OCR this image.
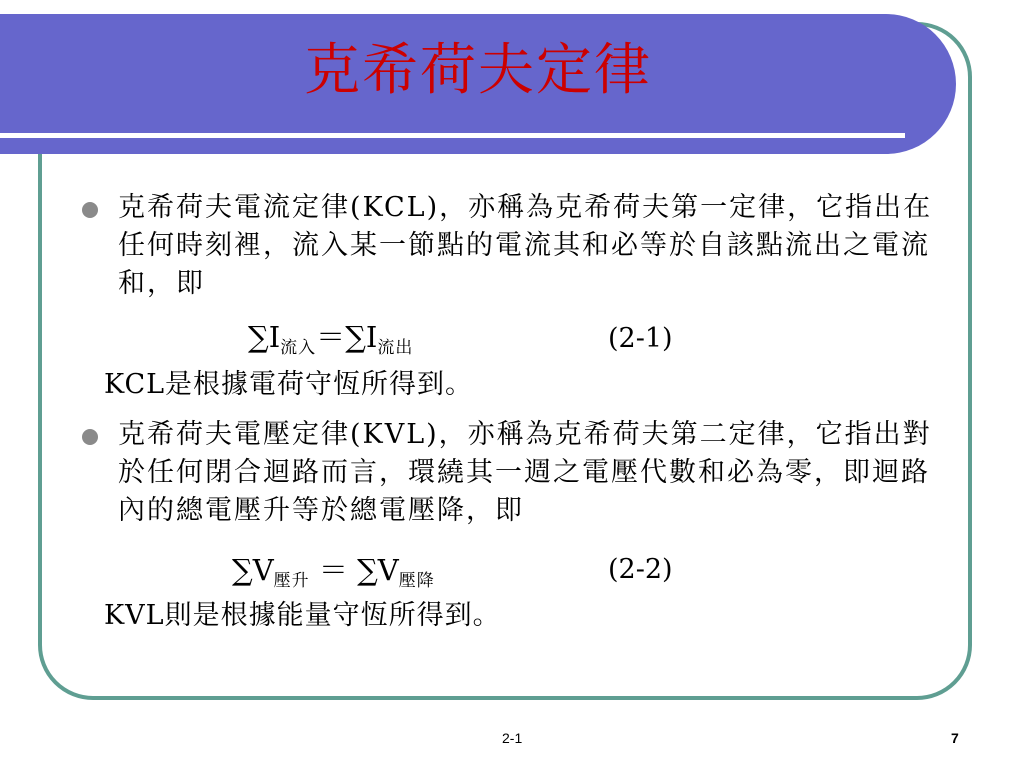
克希荷夫定律

克希荷夫電流定律(KCL)，亦稱為克希荷夫第一定律，它指出在任何時刻裡，流入某一節點的電流其和必等於自該點流出之電流和，即

$\sum I_{流入}=\sum I_{流出}$	(2-1)
KCL是根據電荷守恆所得到。

克希荷夫電壓定律(KVL)，亦稱為克希荷夫第二定律，它指出對於任何閉合迴路而言，環繞其一週之電壓代數和必為零，即迴路內的總電壓升等於總電壓降，即

$\sum V_{壓升} = \sum V_{壓降}$	(2-2)
KVL則是根據能量守恆所得到。
2-1	7
